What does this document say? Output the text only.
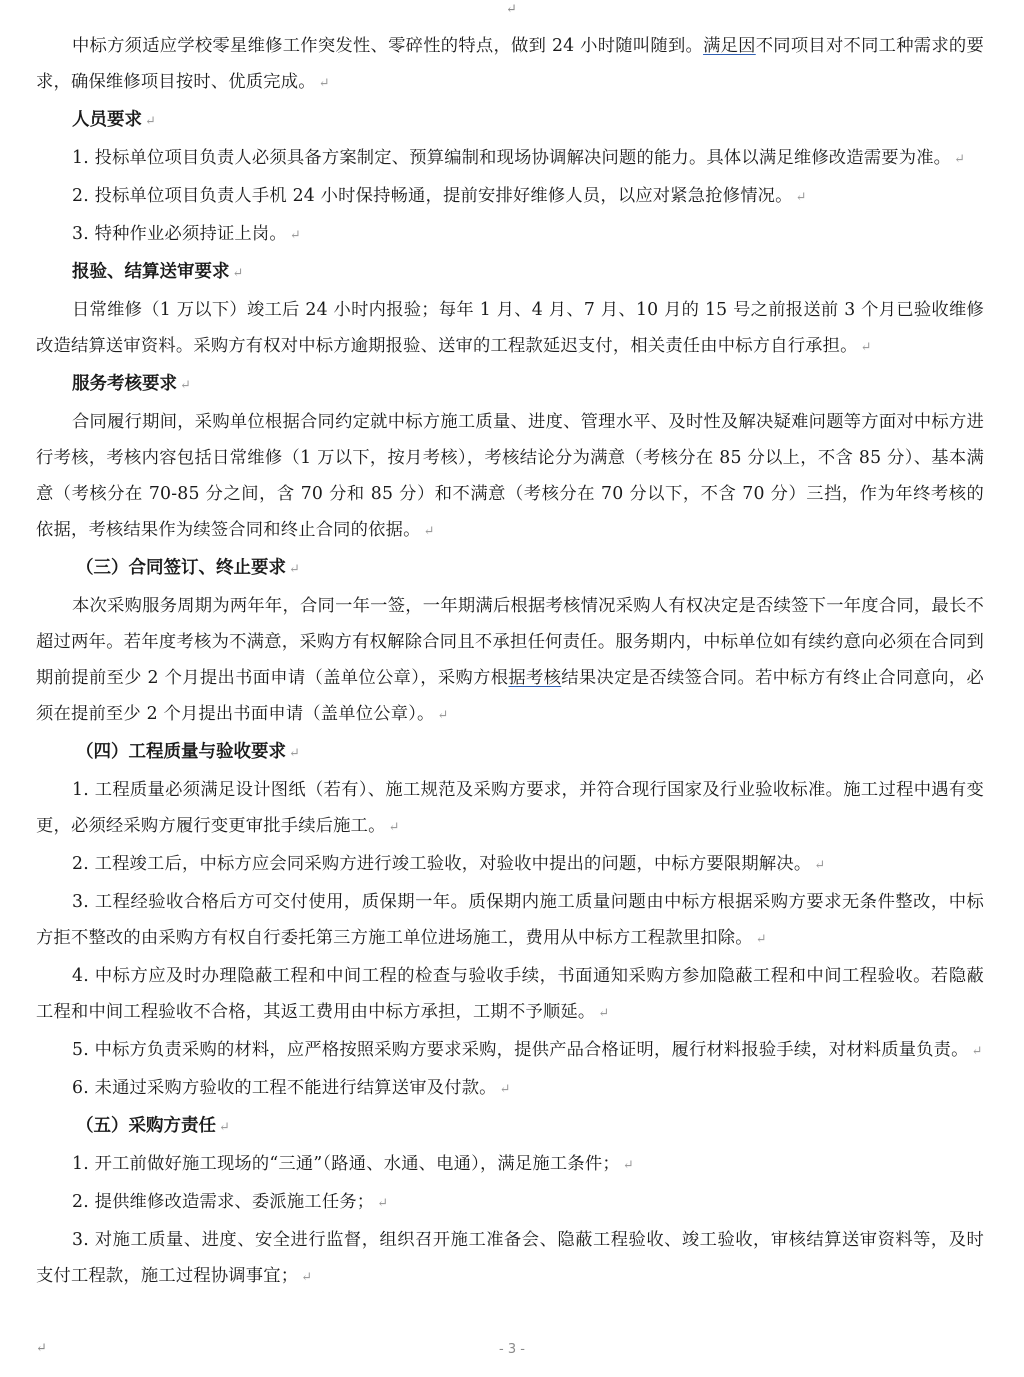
↵

中标方须适应学校零星维修工作突发性、零碎性的特点，做到 24 小时随叫随到。满足因不同项目对不同工种需求的要求，确保维修项目按时、优质完成。 ↵

人员要求 ↵

1. 投标单位项目负责人必须具备方案制定、预算编制和现场协调解决问题的能力。具体以满足维修改造需要为准。 ↵

2. 投标单位项目负责人手机 24 小时保持畅通，提前安排好维修人员，以应对紧急抢修情况。 ↵

3. 特种作业必须持证上岗。 ↵

报验、结算送审要求 ↵

日常维修（1 万以下）竣工后 24 小时内报验；每年 1 月、4 月、7 月、10 月的 15 号之前报送前 3 个月已验收维修改造结算送审资料。采购方有权对中标方逾期报验、送审的工程款延迟支付，相关责任由中标方自行承担。 ↵

服务考核要求 ↵

合同履行期间，采购单位根据合同约定就中标方施工质量、进度、管理水平、及时性及解决疑难问题等方面对中标方进行考核，考核内容包括日常维修（1 万以下，按月考核），考核结论分为满意（考核分在 85 分以上，不含 85 分）、基本满意（考核分在 70-85 分之间，含 70 分和 85 分）和不满意（考核分在 70 分以下，不含 70 分）三挡，作为年终考核的依据，考核结果作为续签合同和终止合同的依据。 ↵

（三）合同签订、终止要求 ↵

本次采购服务周期为两年年，合同一年一签，一年期满后根据考核情况采购人有权决定是否续签下一年度合同，最长不超过两年。若年度考核为不满意，采购方有权解除合同且不承担任何责任。服务期内，中标单位如有续约意向必须在合同到期前提前至少 2 个月提出书面申请（盖单位公章），采购方根据考核结果决定是否续签合同。若中标方有终止合同意向，必须在提前至少 2 个月提出书面申请（盖单位公章）。 ↵

（四）工程质量与验收要求 ↵

1. 工程质量必须满足设计图纸（若有）、施工规范及采购方要求，并符合现行国家及行业验收标准。施工过程中遇有变更，必须经采购方履行变更审批手续后施工。 ↵

2. 工程竣工后，中标方应会同采购方进行竣工验收，对验收中提出的问题，中标方要限期解决。 ↵

3. 工程经验收合格后方可交付使用，质保期一年。质保期内施工质量问题由中标方根据采购方要求无条件整改，中标方拒不整改的由采购方有权自行委托第三方施工单位进场施工，费用从中标方工程款里扣除。 ↵

4. 中标方应及时办理隐蔽工程和中间工程的检查与验收手续，书面通知采购方参加隐蔽工程和中间工程验收。若隐蔽工程和中间工程验收不合格，其返工费用由中标方承担，工期不予顺延。 ↵

5. 中标方负责采购的材料，应严格按照采购方要求采购，提供产品合格证明，履行材料报验手续，对材料质量负责。 ↵

6. 未通过采购方验收的工程不能进行结算送审及付款。 ↵

（五）采购方责任 ↵

1. 开工前做好施工现场的“三通”（路通、水通、电通），满足施工条件； ↵

2. 提供维修改造需求、委派施工任务； ↵

3. 对施工质量、进度、安全进行监督，组织召开施工准备会、隐蔽工程验收、竣工验收，审核结算送审资料等，及时支付工程款，施工过程协调事宜； ↵

↵	- 3 -
